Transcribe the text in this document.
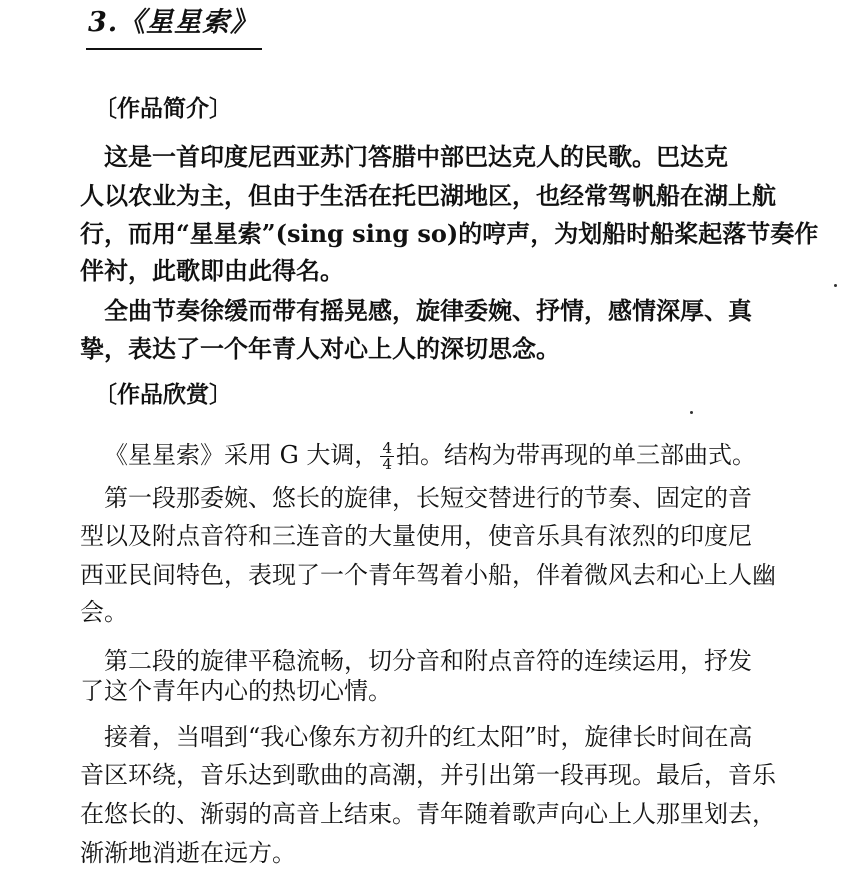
3.《星星索》
〔作品简介〕
这是一首印度尼西亚苏门答腊中部巴达克人的民歌。巴达克
人以农业为主，但由于生活在托巴湖地区，也经常驾帆船在湖上航
行，而用“星星索”(sing sing so)的哼声，为划船时船桨起落节奏作
伴衬，此歌即由此得名。
全曲节奏徐缓而带有摇晃感，旋律委婉、抒情，感情深厚、真
挚，表达了一个年青人对心上人的深切思念。
〔作品欣赏〕
《星星索》采用 G 大调， $\frac{4}{4}$ 拍。结构为带再现的单三部曲式。
第一段那委婉、悠长的旋律，长短交替进行的节奏、固定的音
型以及附点音符和三连音的大量使用，使音乐具有浓烈的印度尼
西亚民间特色，表现了一个青年驾着小船，伴着微风去和心上人幽
会。
第二段的旋律平稳流畅，切分音和附点音符的连续运用，抒发
了这个青年内心的热切心情。
接着，当唱到“我心像东方初升的红太阳”时，旋律长时间在高
音区环绕，音乐达到歌曲的高潮，并引出第一段再现。最后，音乐
在悠长的、渐弱的高音上结束。青年随着歌声向心上人那里划去，
渐渐地消逝在远方。
